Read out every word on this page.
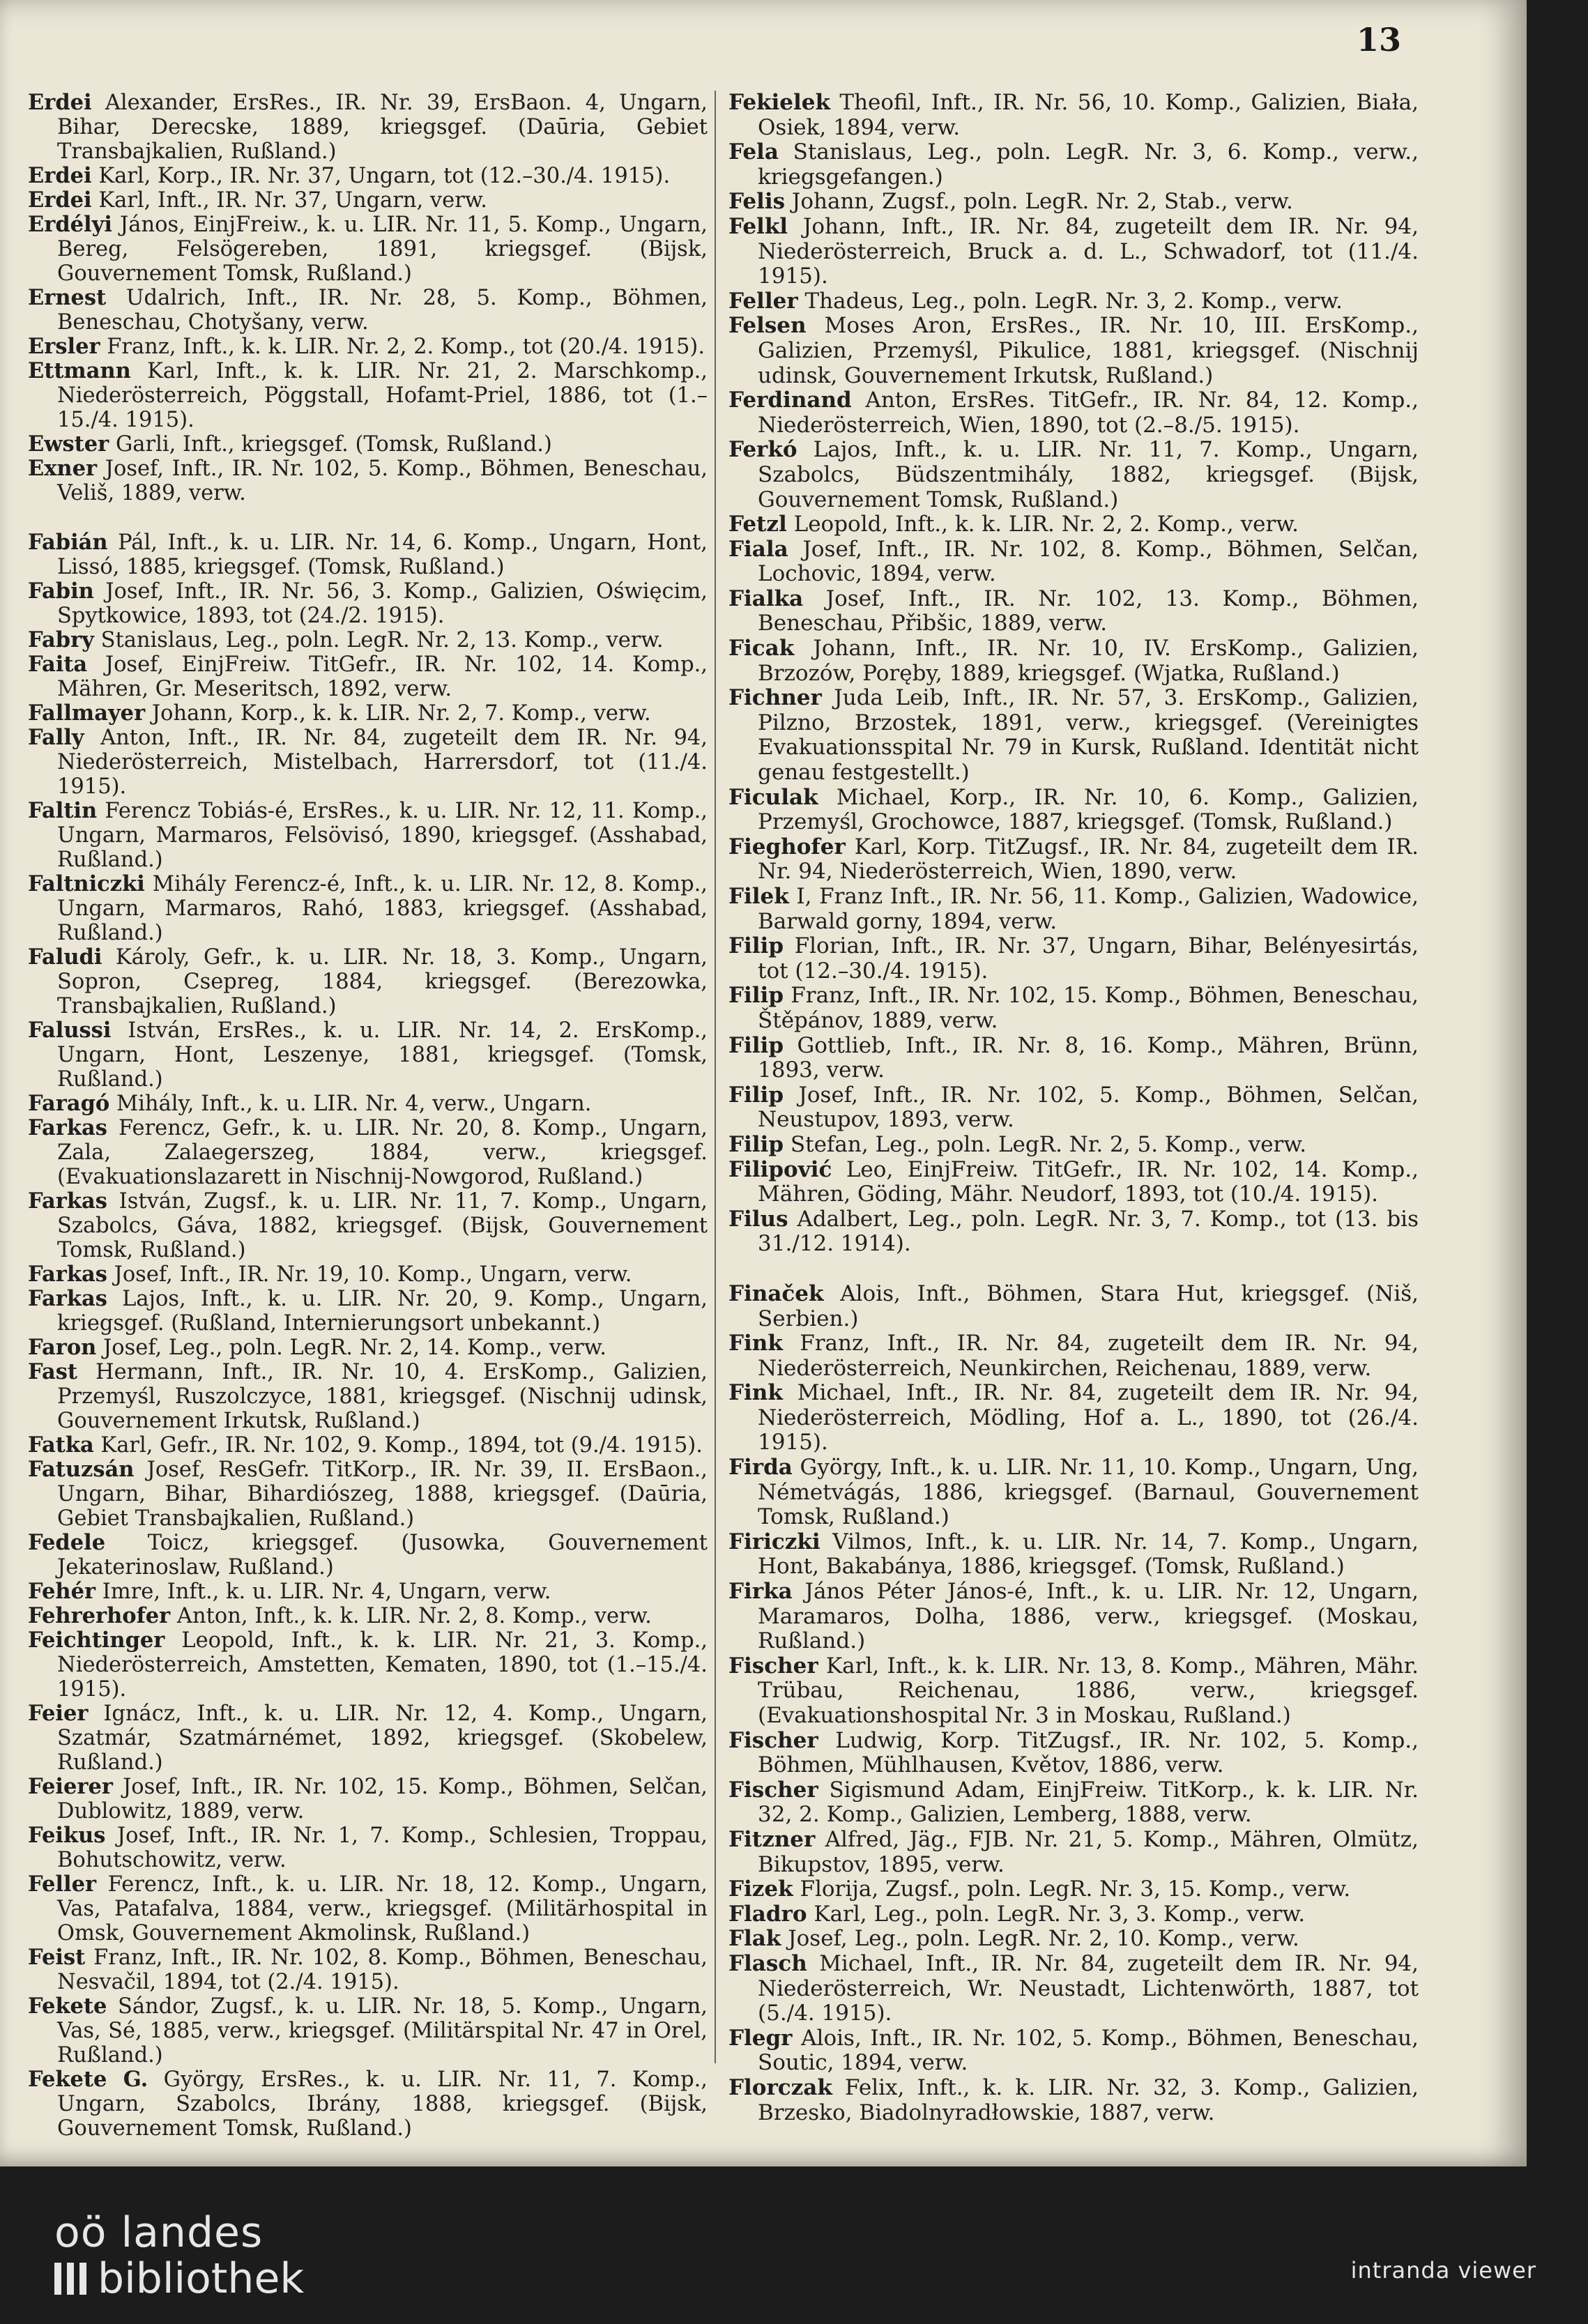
13

Erdei Alexander, ErsRes., IR. Nr. 39, ErsBaon. 4, Ungarn, Bihar, Derecske, 1889, kriegsgef. (Daūria, Gebiet Transbajkalien, Rußland.)

Erdei Karl, Korp., IR. Nr. 37, Ungarn, tot (12.–30./4. 1915).

Erdei Karl, Inft., IR. Nr. 37, Ungarn, verw.

Erdélyi János, EinjFreiw., k. u. LIR. Nr. 11, 5. Komp., Ungarn, Bereg, Felsögereben, 1891, kriegsgef. (Bijsk, Gouvernement Tomsk, Rußland.)

Ernest Udalrich, Inft., IR. Nr. 28, 5. Komp., Böhmen, Beneschau, Chotyšany, verw.

Ersler Franz, Inft., k. k. LIR. Nr. 2, 2. Komp., tot (20./4. 1915).

Ettmann Karl, Inft., k. k. LIR. Nr. 21, 2. Marschkomp., Niederösterreich, Pöggstall, Hofamt-Priel, 1886, tot (1.–15./4. 1915).

Ewster Garli, Inft., kriegsgef. (Tomsk, Rußland.)

Exner Josef, Inft., IR. Nr. 102, 5. Komp., Böhmen, Beneschau, Veliš, 1889, verw.

Fabián Pál, Inft., k. u. LIR. Nr. 14, 6. Komp., Ungarn, Hont, Lissó, 1885, kriegsgef. (Tomsk, Rußland.)

Fabin Josef, Inft., IR. Nr. 56, 3. Komp., Galizien, Oświęcim, Spytkowice, 1893, tot (24./2. 1915).

Fabry Stanislaus, Leg., poln. LegR. Nr. 2, 13. Komp., verw.

Faita Josef, EinjFreiw. TitGefr., IR. Nr. 102, 14. Komp., Mähren, Gr. Meseritsch, 1892, verw.

Fallmayer Johann, Korp., k. k. LIR. Nr. 2, 7. Komp., verw.

Fally Anton, Inft., IR. Nr. 84, zugeteilt dem IR. Nr. 94, Niederösterreich, Mistelbach, Harrersdorf, tot (11./4. 1915).

Faltin Ferencz Tobiás-é, ErsRes., k. u. LIR. Nr. 12, 11. Komp., Ungarn, Marmaros, Felsövisó, 1890, kriegsgef. (Asshabad, Rußland.)

Faltniczki Mihály Ferencz-é, Inft., k. u. LIR. Nr. 12, 8. Komp., Ungarn, Marmaros, Rahó, 1883, kriegsgef. (Asshabad, Rußland.)

Faludi Károly, Gefr., k. u. LIR. Nr. 18, 3. Komp., Ungarn, Sopron, Csepreg, 1884, kriegsgef. (Berezowka, Transbajkalien, Rußland.)

Falussi István, ErsRes., k. u. LIR. Nr. 14, 2. ErsKomp., Ungarn, Hont, Leszenye, 1881, kriegsgef. (Tomsk, Rußland.)

Faragó Mihály, Inft., k. u. LIR. Nr. 4, verw., Ungarn.

Farkas Ferencz, Gefr., k. u. LIR. Nr. 20, 8. Komp., Ungarn, Zala, Zalaegerszeg, 1884, verw., kriegsgef. (Evakuationslazarett in Nischnij-Nowgorod, Rußland.)

Farkas István, Zugsf., k. u. LIR. Nr. 11, 7. Komp., Ungarn, Szabolcs, Gáva, 1882, kriegsgef. (Bijsk, Gouvernement Tomsk, Rußland.)

Farkas Josef, Inft., IR. Nr. 19, 10. Komp., Ungarn, verw.

Farkas Lajos, Inft., k. u. LIR. Nr. 20, 9. Komp., Ungarn, kriegsgef. (Rußland, Internierungsort unbekannt.)

Faron Josef, Leg., poln. LegR. Nr. 2, 14. Komp., verw.

Fast Hermann, Inft., IR. Nr. 10, 4. ErsKomp., Galizien, Przemyśl, Ruszolczyce, 1881, kriegsgef. (Nischnij udinsk, Gouvernement Irkutsk, Rußland.)

Fatka Karl, Gefr., IR. Nr. 102, 9. Komp., 1894, tot (9./4. 1915).

Fatuzsán Josef, ResGefr. TitKorp., IR. Nr. 39, II. ErsBaon., Ungarn, Bihar, Bihardiószeg, 1888, kriegsgef. (Daūria, Gebiet Transbajkalien, Rußland.)

Fedele Toicz, kriegsgef. (Jusowka, Gouvernement Jekaterinoslaw, Rußland.)

Fehér Imre, Inft., k. u. LIR. Nr. 4, Ungarn, verw.

Fehrerhofer Anton, Inft., k. k. LIR. Nr. 2, 8. Komp., verw.

Feichtinger Leopold, Inft., k. k. LIR. Nr. 21, 3. Komp., Niederösterreich, Amstetten, Kematen, 1890, tot (1.–15./4. 1915).

Feier Ignácz, Inft., k. u. LIR. Nr. 12, 4. Komp., Ungarn, Szatmár, Szatmárnémet, 1892, kriegsgef. (Skobelew, Rußland.)

Feierer Josef, Inft., IR. Nr. 102, 15. Komp., Böhmen, Selčan, Dublowitz, 1889, verw.

Feikus Josef, Inft., IR. Nr. 1, 7. Komp., Schlesien, Troppau, Bohutschowitz, verw.

Feller Ferencz, Inft., k. u. LIR. Nr. 18, 12. Komp., Ungarn, Vas, Patafalva, 1884, verw., kriegsgef. (Militärhospital in Omsk, Gouvernement Akmolinsk, Rußland.)

Feist Franz, Inft., IR. Nr. 102, 8. Komp., Böhmen, Beneschau, Nesvačil, 1894, tot (2./4. 1915).

Fekete Sándor, Zugsf., k. u. LIR. Nr. 18, 5. Komp., Ungarn, Vas, Sé, 1885, verw., kriegsgef. (Militärspital Nr. 47 in Orel, Rußland.)

Fekete G. György, ErsRes., k. u. LIR. Nr. 11, 7. Komp., Ungarn, Szabolcs, Ibrány, 1888, kriegsgef. (Bijsk, Gouvernement Tomsk, Rußland.)

Fekielek Theofil, Inft., IR. Nr. 56, 10. Komp., Galizien, Biała, Osiek, 1894, verw.

Fela Stanislaus, Leg., poln. LegR. Nr. 3, 6. Komp., verw., kriegsgefangen.)

Felis Johann, Zugsf., poln. LegR. Nr. 2, Stab., verw.

Felkl Johann, Inft., IR. Nr. 84, zugeteilt dem IR. Nr. 94, Niederösterreich, Bruck a. d. L., Schwadorf, tot (11./4. 1915).

Feller Thadeus, Leg., poln. LegR. Nr. 3, 2. Komp., verw.

Felsen Moses Aron, ErsRes., IR. Nr. 10, III. ErsKomp., Galizien, Przemyśl, Pikulice, 1881, kriegsgef. (Nischnij udinsk, Gouvernement Irkutsk, Rußland.)

Ferdinand Anton, ErsRes. TitGefr., IR. Nr. 84, 12. Komp., Niederösterreich, Wien, 1890, tot (2.–8./5. 1915).

Ferkó Lajos, Inft., k. u. LIR. Nr. 11, 7. Komp., Ungarn, Szabolcs, Büdszentmihály, 1882, kriegsgef. (Bijsk, Gouvernement Tomsk, Rußland.)

Fetzl Leopold, Inft., k. k. LIR. Nr. 2, 2. Komp., verw.

Fiala Josef, Inft., IR. Nr. 102, 8. Komp., Böhmen, Selčan, Lochovic, 1894, verw.

Fialka Josef, Inft., IR. Nr. 102, 13. Komp., Böhmen, Beneschau, Přibšic, 1889, verw.

Ficak Johann, Inft., IR. Nr. 10, IV. ErsKomp., Galizien, Brzozów, Poręby, 1889, kriegsgef. (Wjatka, Rußland.)

Fichner Juda Leib, Inft., IR. Nr. 57, 3. ErsKomp., Galizien, Pilzno, Brzostek, 1891, verw., kriegsgef. (Vereinigtes Evakuationsspital Nr. 79 in Kursk, Rußland. Identität nicht genau festgestellt.)

Ficulak Michael, Korp., IR. Nr. 10, 6. Komp., Galizien, Przemyśl, Grochowce, 1887, kriegsgef. (Tomsk, Rußland.)

Fieghofer Karl, Korp. TitZugsf., IR. Nr. 84, zugeteilt dem IR. Nr. 94, Niederösterreich, Wien, 1890, verw.

Filek I, Franz Inft., IR. Nr. 56, 11. Komp., Galizien, Wadowice, Barwald gorny, 1894, verw.

Filip Florian, Inft., IR. Nr. 37, Ungarn, Bihar, Belényesirtás, tot (12.–30./4. 1915).

Filip Franz, Inft., IR. Nr. 102, 15. Komp., Böhmen, Beneschau, Štěpánov, 1889, verw.

Filip Gottlieb, Inft., IR. Nr. 8, 16. Komp., Mähren, Brünn, 1893, verw.

Filip Josef, Inft., IR. Nr. 102, 5. Komp., Böhmen, Selčan, Neustupov, 1893, verw.

Filip Stefan, Leg., poln. LegR. Nr. 2, 5. Komp., verw.

Filipović Leo, EinjFreiw. TitGefr., IR. Nr. 102, 14. Komp., Mähren, Göding, Mähr. Neudorf, 1893, tot (10./4. 1915).

Filus Adalbert, Leg., poln. LegR. Nr. 3, 7. Komp., tot (13. bis 31./12. 1914).

Finaček Alois, Inft., Böhmen, Stara Hut, kriegsgef. (Niš, Serbien.)

Fink Franz, Inft., IR. Nr. 84, zugeteilt dem IR. Nr. 94, Niederösterreich, Neunkirchen, Reichenau, 1889, verw.

Fink Michael, Inft., IR. Nr. 84, zugeteilt dem IR. Nr. 94, Niederösterreich, Mödling, Hof a. L., 1890, tot (26./4. 1915).

Firda György, Inft., k. u. LIR. Nr. 11, 10. Komp., Ungarn, Ung, Németvágás, 1886, kriegsgef. (Barnaul, Gouvernement Tomsk, Rußland.)

Firiczki Vilmos, Inft., k. u. LIR. Nr. 14, 7. Komp., Ungarn, Hont, Bakabánya, 1886, kriegsgef. (Tomsk, Rußland.)

Firka János Péter János-é, Inft., k. u. LIR. Nr. 12, Ungarn, Maramaros, Dolha, 1886, verw., kriegsgef. (Moskau, Rußland.)

Fischer Karl, Inft., k. k. LIR. Nr. 13, 8. Komp., Mähren, Mähr. Trübau, Reichenau, 1886, verw., kriegsgef. (Evakuationshospital Nr. 3 in Moskau, Rußland.)

Fischer Ludwig, Korp. TitZugsf., IR. Nr. 102, 5. Komp., Böhmen, Mühlhausen, Květov, 1886, verw.

Fischer Sigismund Adam, EinjFreiw. TitKorp., k. k. LIR. Nr. 32, 2. Komp., Galizien, Lemberg, 1888, verw.

Fitzner Alfred, Jäg., FJB. Nr. 21, 5. Komp., Mähren, Olmütz, Bikupstov, 1895, verw.

Fizek Florija, Zugsf., poln. LegR. Nr. 3, 15. Komp., verw.

Fladro Karl, Leg., poln. LegR. Nr. 3, 3. Komp., verw.

Flak Josef, Leg., poln. LegR. Nr. 2, 10. Komp., verw.

Flasch Michael, Inft., IR. Nr. 84, zugeteilt dem IR. Nr. 94, Niederösterreich, Wr. Neustadt, Lichtenwörth, 1887, tot (5./4. 1915).

Flegr Alois, Inft., IR. Nr. 102, 5. Komp., Böhmen, Beneschau, Soutic, 1894, verw.

Florczak Felix, Inft., k. k. LIR. Nr. 32, 3. Komp., Galizien, Brzesko, Biadolnyradłowskie, 1887, verw.

oö landes
bibliothek	intranda viewer
